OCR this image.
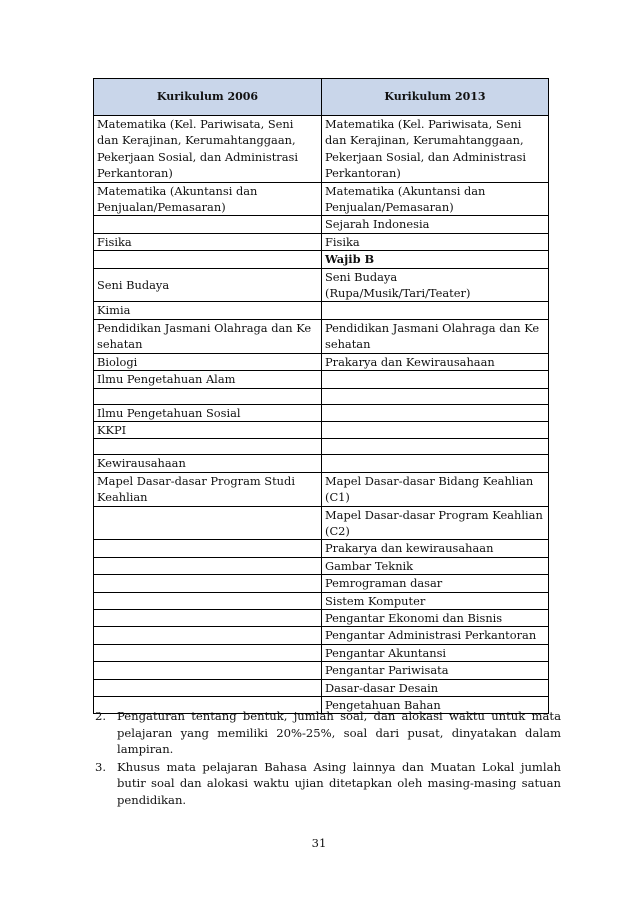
Kurikulum 2006	Kurikulum 2013
Matematika (Kel. Pariwisata, Seni dan Kerajinan, Kerumahtanggaan, Pekerjaan Sosial, dan Administrasi Perkantoran)	Matematika (Kel. Pariwisata, Seni dan Kerajinan, Kerumahtanggaan, Pekerjaan Sosial, dan Administrasi Perkantoran)
Matematika (Akuntansi dan Penjualan/Pemasaran)	Matematika (Akuntansi dan Penjualan/Pemasaran)
	Sejarah Indonesia
Fisika	Fisika
	Wajib B
Seni Budaya	Seni Budaya (Rupa/Musik/Tari/Teater)
Kimia	
Pendidikan Jasmani Olahraga dan Ke sehatan	Pendidikan Jasmani Olahraga dan Ke sehatan
Biologi	Prakarya dan Kewirausahaan
Ilmu Pengetahuan Alam	

Ilmu Pengetahuan Sosial	
KKPI	

Kewirausahaan	
Mapel Dasar-dasar Program Studi Keahlian	Mapel Dasar-dasar Bidang Keahlian (C1)
	Mapel Dasar-dasar Program Keahlian (C2)
	Prakarya dan kewirausahaan
	Gambar Teknik
	Pemrograman dasar
	Sistem Komputer
	Pengantar Ekonomi dan Bisnis
	Pengantar Administrasi Perkantoran
	Pengantar Akuntansi
	Pengantar Pariwisata
	Dasar-dasar Desain
	Pengetahuan Bahan
2. Pengaturan tentang bentuk, jumlah soal, dan alokasi waktu untuk mata pelajaran yang memiliki 20%-25%, soal dari pusat, dinyatakan dalam lampiran.
3. Khusus mata pelajaran Bahasa Asing lainnya dan Muatan Lokal jumlah butir soal dan alokasi waktu ujian ditetapkan oleh masing-masing satuan pendidikan.
31
